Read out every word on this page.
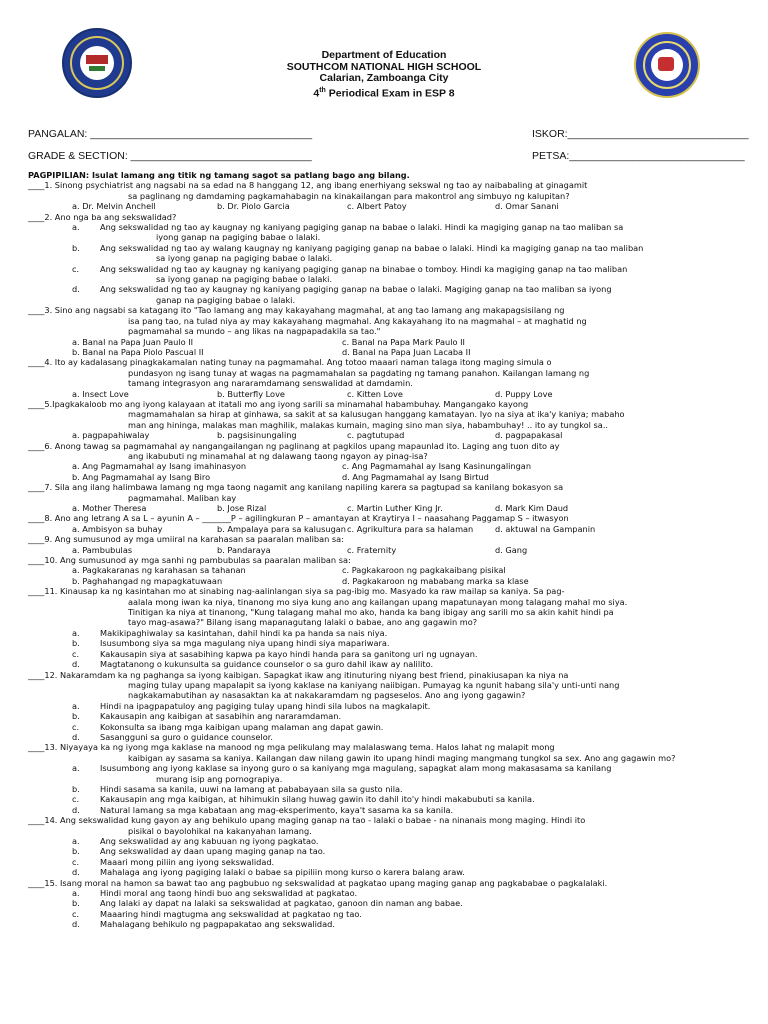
Department of Education
SOUTHCOM NATIONAL HIGH SCHOOL
Calarian, Zamboanga City
4th Periodical Exam in ESP 8
PANGALAN: ______________________________________	ISKOR:_______________________________
GRADE & SECTION: _______________________________	PETSA:______________________________

PAGPIPILIAN: Isulat lamang ang titik ng tamang sagot sa patlang bago ang bilang.

____1. Sinong psychiatrist ang nagsabi na sa edad na 8 hanggang 12, ang ibang enerhiyang sekswal ng tao ay naibabaling at ginagamit

sa paglinang ng damdaming pagkamahabagin na kinakailangan para makontrol ang simbuyo ng kalupitan?

a. Dr. Melvin Anchell	b. Dr. Piolo Garcia	c. Albert Patoy	d. Omar Sanani

____2. Ano nga ba ang sekswalidad?

a.	Ang sekswalidad ng tao ay kaugnay ng kaniyang pagiging ganap na babae o lalaki. Hindi ka magiging ganap na tao maliban sa
iyong ganap na pagiging babae o lalaki.
b.	Ang sekswalidad ng tao ay walang kaugnay ng kaniyang pagiging ganap na babae o lalaki. Hindi ka magiging ganap na tao maliban
sa iyong ganap na pagiging babae o lalaki.
c.	Ang sekswalidad ng tao ay kaugnay ng kaniyang pagiging ganap na binabae o tomboy. Hindi ka magiging ganap na tao maliban
sa iyong ganap na pagiging babae o lalaki.
d.	Ang sekswalidad ng tao ay kaugnay ng kaniyang pagiging ganap na babae o lalaki. Magiging ganap na tao maliban sa iyong
ganap na pagiging babae o lalaki.

____3. Sino ang nagsabi sa katagang ito "Tao lamang ang may kakayahang magmahal, at ang tao lamang ang makapagsisilang ng

isa pang tao, na tulad niya ay may kakayahang magmahal. Ang kakayahang ito na magmahal – at maghatid ng

pagmamahal sa mundo – ang likas na nagpapadakila sa tao."

a. Banal na Papa Juan Paulo II	c. Banal na Papa Mark Paulo II
b. Banal na Papa Piolo Pascual II	d. Banal na Papa Juan Lacaba II

____4. Ito ay kadalasang pinagkakamalan nating tunay na pagmamahal. Ang totoo maaari naman talaga itong maging simula o

pundasyon ng isang tunay at wagas na pagmamahalan sa pagdating ng tamang panahon. Kailangan lamang ng

tamang integrasyon ang nararamdamang senswalidad at damdamin.

a. Insect Love	b. Butterfly Love	c. Kitten Love	d. Puppy Love

____5.Ipagkakaloob mo ang iyong kalayaan at itatali mo ang iyong sarili sa minamahal habambuhay. Mangangako kayong

magmamahalan sa hirap at ginhawa, sa sakit at sa kalusugan hanggang kamatayan. Iyo na siya at ika'y kaniya; mabaho

man ang hininga, malakas man maghilik, malakas kumain, maging sino man siya, habambuhay! .. ito ay tungkol sa..

a. pagpapahiwalay	b. pagsisinungaling	c. pagtutupad	d. pagpapakasal

____6. Anong tawag sa pagmamahal ay nangangailangan ng paglinang at pagkilos upang mapaunlad ito. Laging ang tuon dito ay

ang ikabubuti ng minamahal at ng dalawang taong ngayon ay pinag-isa?

a. Ang Pagmamahal ay Isang imahinasyon	c. Ang Pagmamahal ay Isang Kasinungalingan
b. Ang Pagmamahal ay Isang Biro	d. Ang Pagmamahal ay Isang Birtud

____7. Sila ang ilang halimbawa lamang ng mga taong nagamit ang kanilang napiling karera sa pagtupad sa kanilang bokasyon sa

pagmamahal. Maliban kay

a. Mother Theresa	b. Jose Rizal	c. Martin Luther King Jr.	d. Mark Kim Daud

____8. Ano ang letrang A sa L – ayunin A – _______P – agilingkuran P – amantayan at Kraytirya I – naasahang Paggamap S – itwasyon

a. Ambisyon sa buhay	b. Ampalaya para sa kalusugan c. Agrikultura para sa halaman	d. aktuwal na Gampanin

____9. Ang sumusunod ay mga umiiral na karahasan sa paaralan maliban sa:

a. Pambubulas	b. Pandaraya	c. Fraternity	d. Gang

____10. Ang sumusunod ay mga sanhi ng pambubulas sa paaralan maliban sa:

a. Pagkakaranas ng karahasan sa tahanan	c. Pagkakaroon ng pagkakaibang pisikal
b. Paghahangad ng mapagkatuwaan	d. Pagkakaroon ng mababang marka sa klase

____11. Kinausap ka ng kasintahan mo at sinabing nag-aalinlangan siya sa pag-ibig mo. Masyado ka raw mailap sa kaniya. Sa pag-

aalala mong iwan ka niya, tinanong mo siya kung ano ang kailangan upang mapatunayan mong talagang mahal mo siya.

Tinitigan ka niya at tinanong, "Kung talagang mahal mo ako, handa ka bang ibigay ang sarili mo sa akin kahit hindi pa

tayo mag-asawa?" Bilang isang mapanagutang lalaki o babae, ano ang gagawin mo?

a.	Makikipaghiwalay sa kasintahan, dahil hindi ka pa handa sa nais niya.
b.	Isusumbong siya sa mga magulang niya upang hindi siya mapariwara.
c.	Kakausapin siya at sasabihing kapwa pa kayo hindi handa para sa ganitong uri ng ugnayan.
d.	Magtatanong o kukunsulta sa guidance counselor o sa guro dahil ikaw ay nalilito.

____12. Nakaramdam ka ng paghanga sa iyong kaibigan. Sapagkat ikaw ang itinuturing niyang best friend, pinakiusapan ka niya na

maging tulay upang mapalapit sa iyong kaklase na kaniyang naiibigan. Pumayag ka ngunit habang sila'y unti-unti nang

nagkakamabutihan ay nasasaktan ka at nakakaramdam ng pagseselos. Ano ang iyong gagawin?

a.	Hindi na ipagpapatuloy ang pagiging tulay upang hindi sila lubos na magkalapit.
b.	Kakausapin ang kaibigan at sasabihin ang nararamdaman.
c.	Kokonsulta sa ibang mga kaibigan upang malaman ang dapat gawin.
d.	Sasangguni sa guro o guidance counselor.

____13. Niyayaya ka ng iyong mga kaklase na manood ng mga pelikulang may malalaswang tema. Halos lahat ng malapit mong

kaibigan ay sasama sa kaniya. Kailangan daw nilang gawin ito upang hindi maging mangmang tungkol sa sex. Ano ang gagawin mo?

a.	Isusumbong ang iyong kaklase sa inyong guro o sa kaniyang mga magulang, sapagkat alam mong makasasama sa kanilang
murang isip ang pornograpiya.
b.	Hindi sasama sa kanila, uuwi na lamang at pababayaan sila sa gusto nila.
c.	Kakausapin ang mga kaibigan, at hihimukin silang huwag gawin ito dahil ito'y hindi makabubuti sa kanila.
d.	Natural lamang sa mga kabataan ang mag-eksperimento, kaya't sasama ka sa kanila.

____14. Ang sekswalidad kung gayon ay ang behikulo upang maging ganap na tao - lalaki o babae - na ninanais mong maging. Hindi ito

pisikal o bayolohikal na kakanyahan lamang.

a.	Ang sekswalidad ay ang kabuuan ng iyong pagkatao.
b.	Ang sekswalidad ay daan upang maging ganap na tao.
c.	Maaari mong piliin ang iyong sekswalidad.
d.	Mahalaga ang iyong pagiging lalaki o babae sa pipiliin mong kurso o karera balang araw.

____15. Isang moral na hamon sa bawat tao ang pagbubuo ng sekswalidad at pagkatao upang maging ganap ang pagkababae o pagkalalaki.

a.	Hindi moral ang taong hindi buo ang sekswalidad at pagkatao.
b.	Ang lalaki ay dapat na lalaki sa sekswalidad at pagkatao, ganoon din naman ang babae.
c.	Maaaring hindi magtugma ang sekswalidad at pagkatao ng tao.
d.	Mahalagang behikulo ng pagpapakatao ang sekswalidad.
